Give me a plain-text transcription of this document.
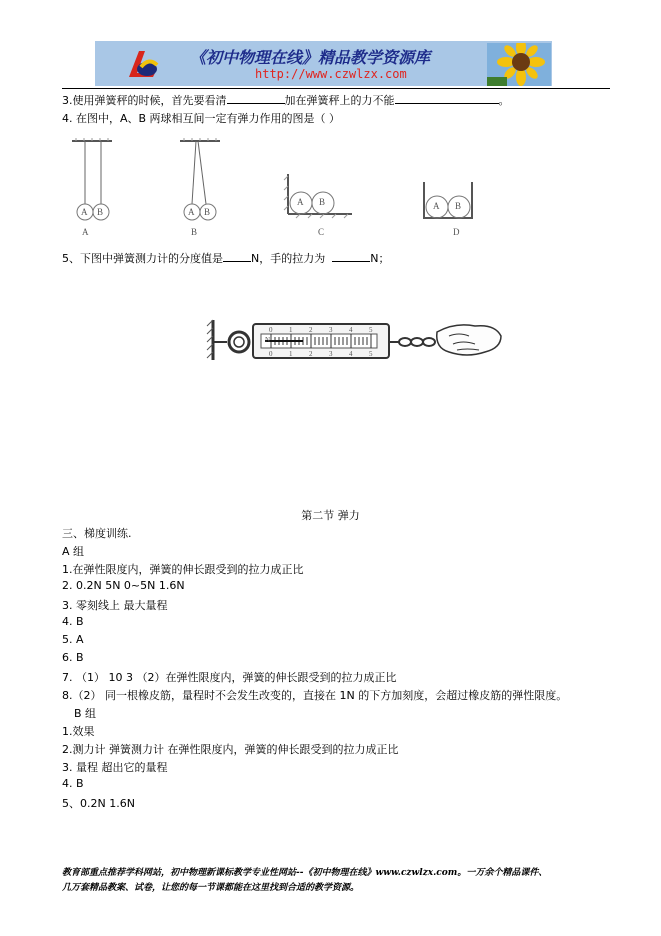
《初中物理在线》精品教学资源库
http://www.czwlzx.com
3.使用弹簧秤的时候，首先要看清	加在弹簧秤上的力不能	。
4. 在图中，A、B 两球相互间一定有弹力作用的图是（ ）
A B	A B
A B	A B
A	B	C	D
5、下图中弹簧测力计的分度值是	N，手的拉力为	N；
N
0 1 2 3 4 5
0 1 2 3 4 5
第二节 弹力
三、梯度训练.
A 组
1.在弹性限度内，弹簧的伸长跟受到的拉力成正比
2. 0.2N 5N 0~5N 1.6N
3. 零刻线上 最大量程
4. B
5. A
6. B
7. （1） 10 3 （2）在弹性限度内，弹簧的伸长跟受到的拉力成正比
8.（2） 同一根橡皮筋，量程时不会发生改变的，直接在 1N 的下方加刻度，会超过橡皮筋的弹性限度。
B 组
1.效果
2.测力计 弹簧测力计 在弹性限度内，弹簧的伸长跟受到的拉力成正比
3. 量程 超出它的量程
4. B
5、0.2N 1.6N
教育部重点推荐学科网站，初中物理新课标教学专业性网站--《初中物理在线》www.czwlzx.com。一万余个精品课件、
几万套精品教案、试卷，让您的每一节课都能在这里找到合适的教学资源。
